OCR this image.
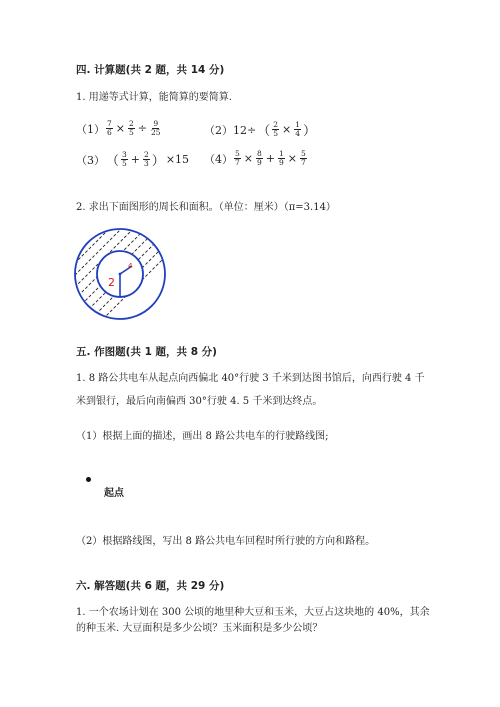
四. 计算题(共 2 题，共 14 分)
1. 用递等式计算，能简算的要简算.
$(1) \frac{7}{6} \times \frac{2}{5} \div \frac{9}{25}$	（2）12÷ （ $\frac{2}{5} \times \frac{1}{4}$ ）
（3） （ $\frac{3}{5} + \frac{2}{3}$ ） ×15 $(4) \frac{5}{7} \times \frac{8}{9} + \frac{1}{9} \times \frac{5}{7}$
2. 求出下面图形的周长和面积。（单位：厘米）（π=3.14）
2
4
五. 作图题(共 1 题，共 8 分)
1. 8 路公共电车从起点向西偏北 40°行驶 3 千米到达图书馆后，向西行驶 4 千
米到银行，最后向南偏西 30°行驶 4. 5 千米到达终点。
（1）根据上面的描述，画出 8 路公共电车的行驶路线图;
起点
（2）根据路线图，写出 8 路公共电车回程时所行驶的方向和路程。
六. 解答题(共 6 题，共 29 分)
1. 一个农场计划在 300 公顷的地里种大豆和玉米，大豆占这块地的 40%，其余
的种玉米. 大豆面积是多少公顷？玉米面积是多少公顷？
